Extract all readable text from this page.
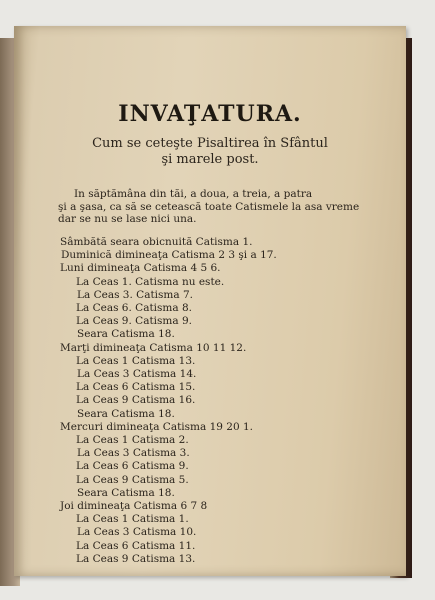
INVAŢATURA.
Cum se ceteşte Pisaltirea în Sfântul
şi marele post.
In săptămâna din tăi, a doua, a treia, a patra
şi a şasa, ca să se cetească toate Catismele la asa vreme
dar se nu se lase nici una.
Sâmbătă seara obicnuită Catisma 1.
Duminică dimineaţa Catisma 2 3 şi a 17.
Luni dimineaţa Catisma 4 5 6.
La Ceas 1. Catisma nu este.
La Ceas 3. Catisma 7.
La Ceas 6. Catisma 8.
La Ceas 9. Catisma 9.
Seara Catisma 18.
Marţi dimineaţa Catisma 10 11 12.
La Ceas 1 Catisma 13.
La Ceas 3 Catisma 14.
La Ceas 6 Catisma 15.
La Ceas 9 Catisma 16.
Seara Catisma 18.
Mercuri dimineaţa Catisma 19 20 1.
La Ceas 1 Catisma 2.
La Ceas 3 Catisma 3.
La Ceas 6 Catisma 9.
La Ceas 9 Catisma 5.
Seara Catisma 18.
Joi dimineaţa Catisma 6 7 8
La Ceas 1 Catisma 1.
La Ceas 3 Catisma 10.
La Ceas 6 Catisma 11.
La Ceas 9 Catisma 13.
